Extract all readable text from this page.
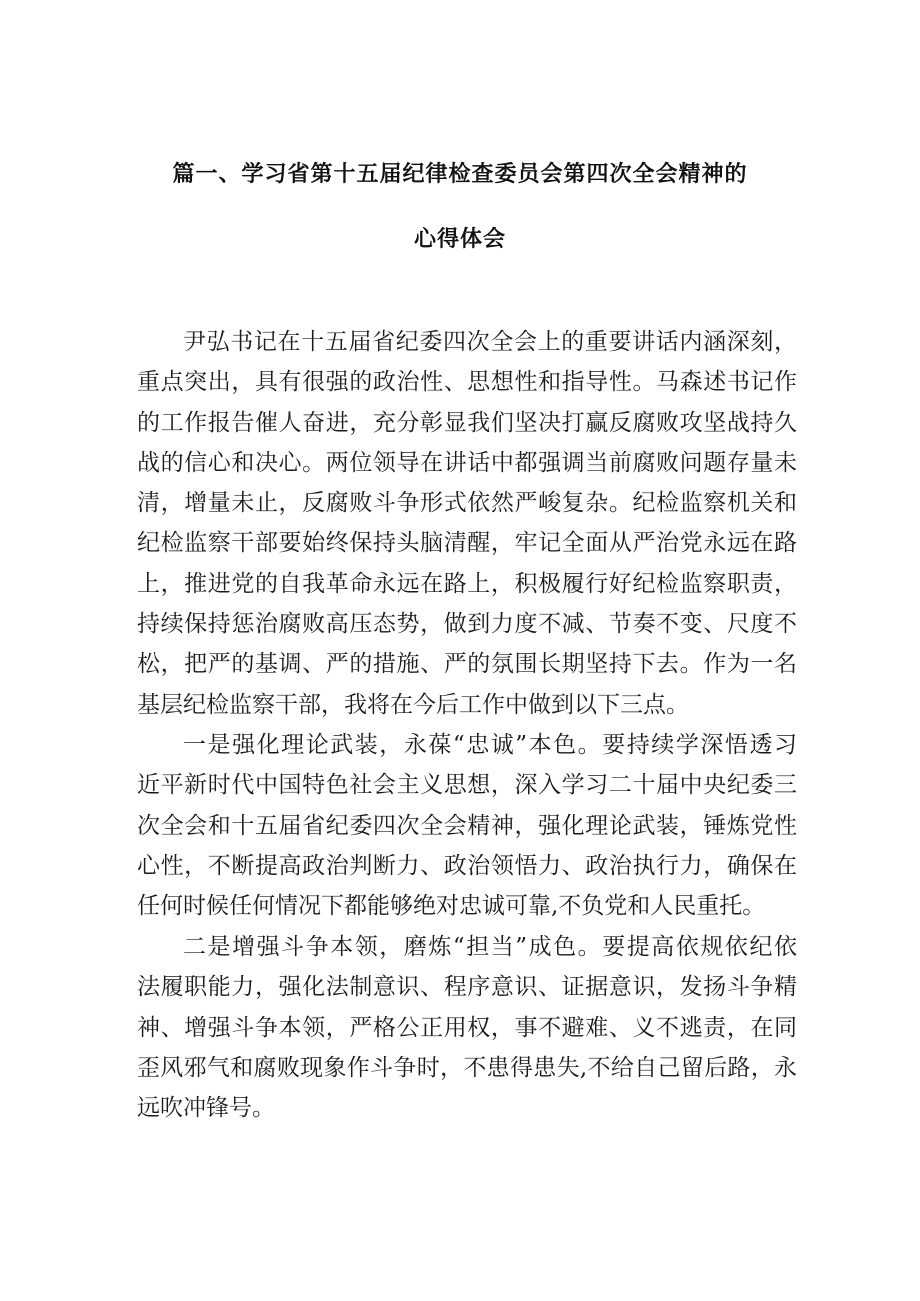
篇一、学习省第十五届纪律检查委员会第四次全会精神的
心得体会
尹弘书记在十五届省纪委四次全会上的重要讲话内涵深刻，
重点突出，具有很强的政治性、思想性和指导性。马森述书记作
的工作报告催人奋进，充分彰显我们坚决打赢反腐败攻坚战持久
战的信心和决心。两位领导在讲话中都强调当前腐败问题存量未
清，增量未止，反腐败斗争形式依然严峻复杂。纪检监察机关和
纪检监察干部要始终保持头脑清醒，牢记全面从严治党永远在路
上，推进党的自我革命永远在路上，积极履行好纪检监察职责，
持续保持惩治腐败高压态势，做到力度不减、节奏不变、尺度不
松，把严的基调、严的措施、严的氛围长期坚持下去。作为一名
基层纪检监察干部，我将在今后工作中做到以下三点。
一是强化理论武装，永葆“忠诚”本色。要持续学深悟透习
近平新时代中国特色社会主义思想，深入学习二十届中央纪委三
次全会和十五届省纪委四次全会精神，强化理论武装，锤炼党性
心性，不断提高政治判断力、政治领悟力、政治执行力，确保在
任何时候任何情况下都能够绝对忠诚可靠,不负党和人民重托。
二是增强斗争本领，磨炼“担当”成色。要提高依规依纪依
法履职能力，强化法制意识、程序意识、证据意识，发扬斗争精
神、增强斗争本领，严格公正用权，事不避难、义不逃责，在同
歪风邪气和腐败现象作斗争时，不患得患失,不给自己留后路，永
远吹冲锋号。
